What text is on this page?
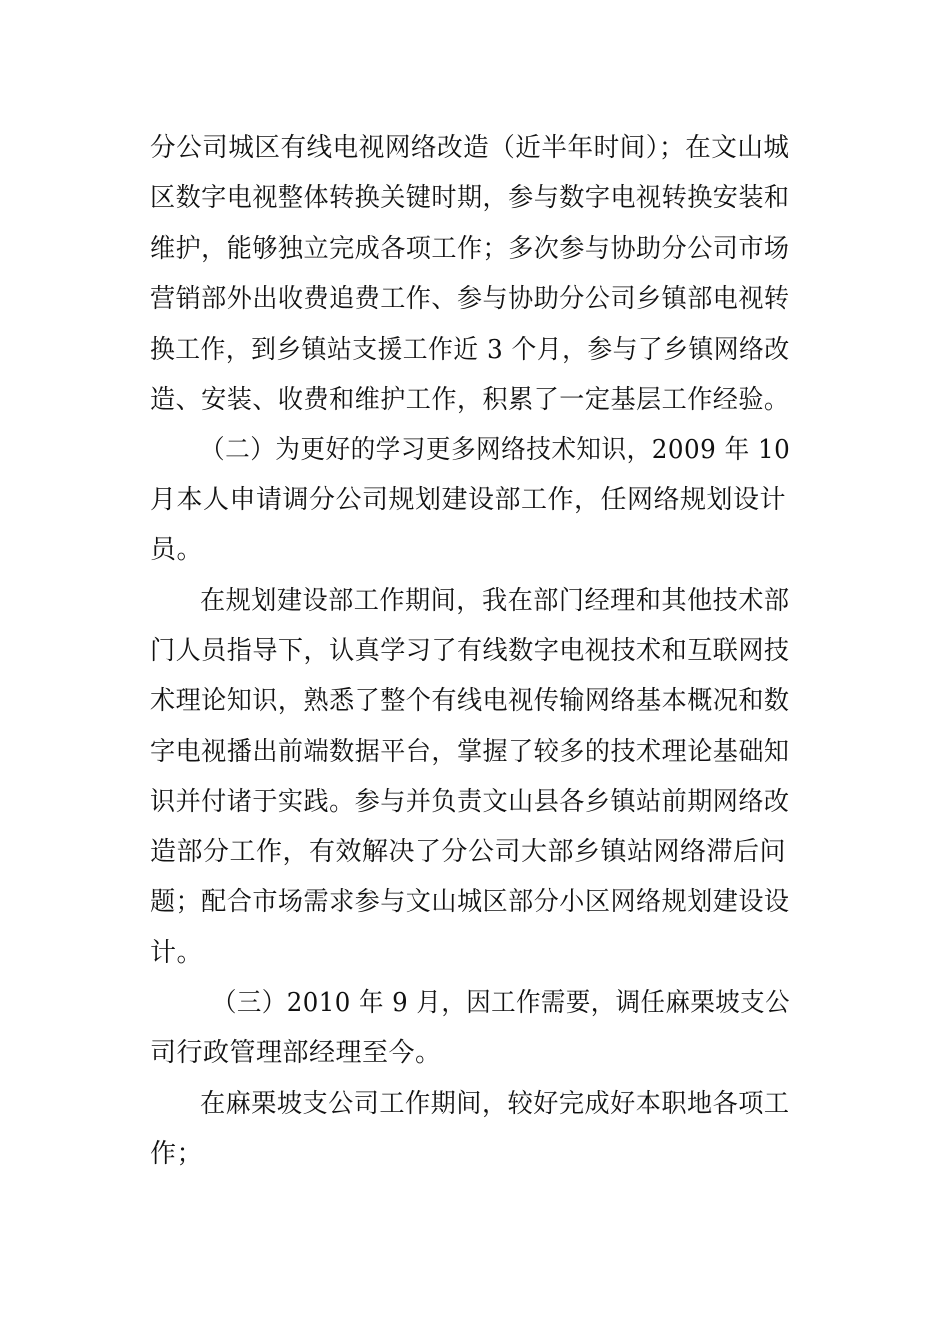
分公司城区有线电视网络改造（近半年时间）；在文山城

区数字电视整体转换关键时期，参与数字电视转换安装和

维护，能够独立完成各项工作；多次参与协助分公司市场

营销部外出收费追费工作、参与协助分公司乡镇部电视转

换工作，到乡镇站支援工作近 3 个月，参与了乡镇网络改

造、安装、收费和维护工作，积累了一定基层工作经验。

（二）为更好的学习更多网络技术知识，2009 年 10

月本人申请调分公司规划建设部工作，任网络规划设计

员。

在规划建设部工作期间，我在部门经理和其他技术部

门人员指导下，认真学习了有线数字电视技术和互联网技

术理论知识，熟悉了整个有线电视传输网络基本概况和数

字电视播出前端数据平台，掌握了较多的技术理论基础知

识并付诸于实践。参与并负责文山县各乡镇站前期网络改

造部分工作，有效解决了分公司大部乡镇站网络滞后问

题；配合市场需求参与文山城区部分小区网络规划建设设

计。

（三）2010 年 9 月，因工作需要，调任麻栗坡支公

司行政管理部经理至今。

在麻栗坡支公司工作期间，较好完成好本职地各项工

作；
